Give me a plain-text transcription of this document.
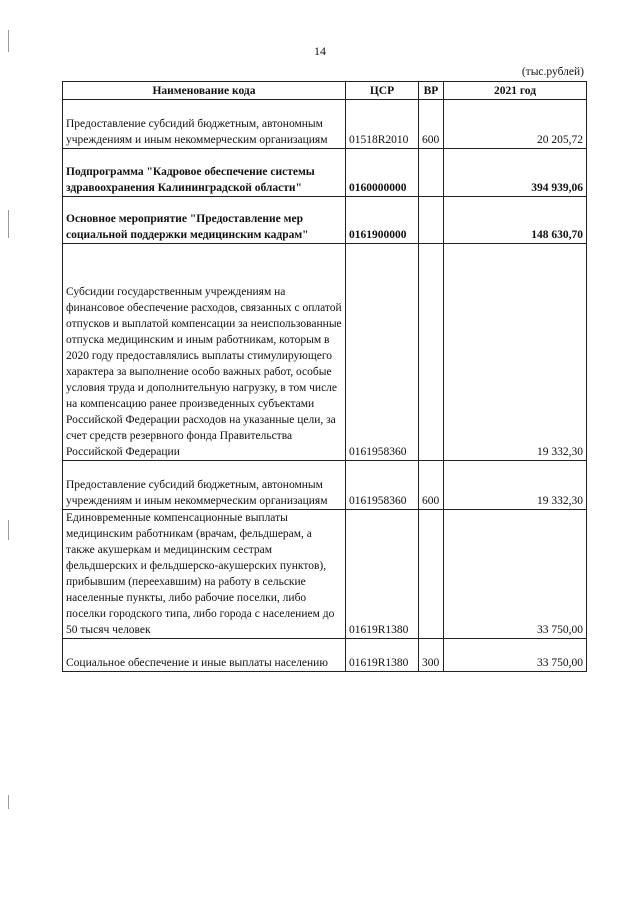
14
(тыс.рублей)
Наименование кода	ЦСР	ВР	2021 год
Предоставление субсидий бюджетным, автономным учреждениям и иным некоммерческим организациям	01518R2010	600	20 205,72
Подпрограмма "Кадровое обеспечение системы здравоохранения Калининградской области"	0160000000		394 939,06
Основное мероприятие "Предоставление мер социальной поддержки медицинским кадрам"	0161900000		148 630,70
Субсидии государственным учреждениям на финансовое обеспечение расходов, связанных с оплатой отпусков и выплатой компенсации за неиспользованные отпуска медицинским и иным работникам, которым в 2020 году предоставлялись выплаты стимулирующего характера за выполнение особо важных работ, особые условия труда и дополнительную нагрузку, в том числе на компенсацию ранее произведенных субъектами Российской Федерации расходов на указанные цели, за счет средств резервного фонда Правительства Российской Федерации	0161958360		19 332,30
Предоставление субсидий бюджетным, автономным учреждениям и иным некоммерческим организациям	0161958360	600	19 332,30
Единовременные компенсационные выплаты медицинским работникам (врачам, фельдшерам, а также акушеркам и медицинским сестрам фельдшерских и фельдшерско-акушерских пунктов), прибывшим (переехавшим) на работу в сельские населенные пункты, либо рабочие поселки, либо поселки городского типа, либо города с населением до 50 тысяч человек	01619R1380		33 750,00
Социальное обеспечение и иные выплаты населению	01619R1380	300	33 750,00
